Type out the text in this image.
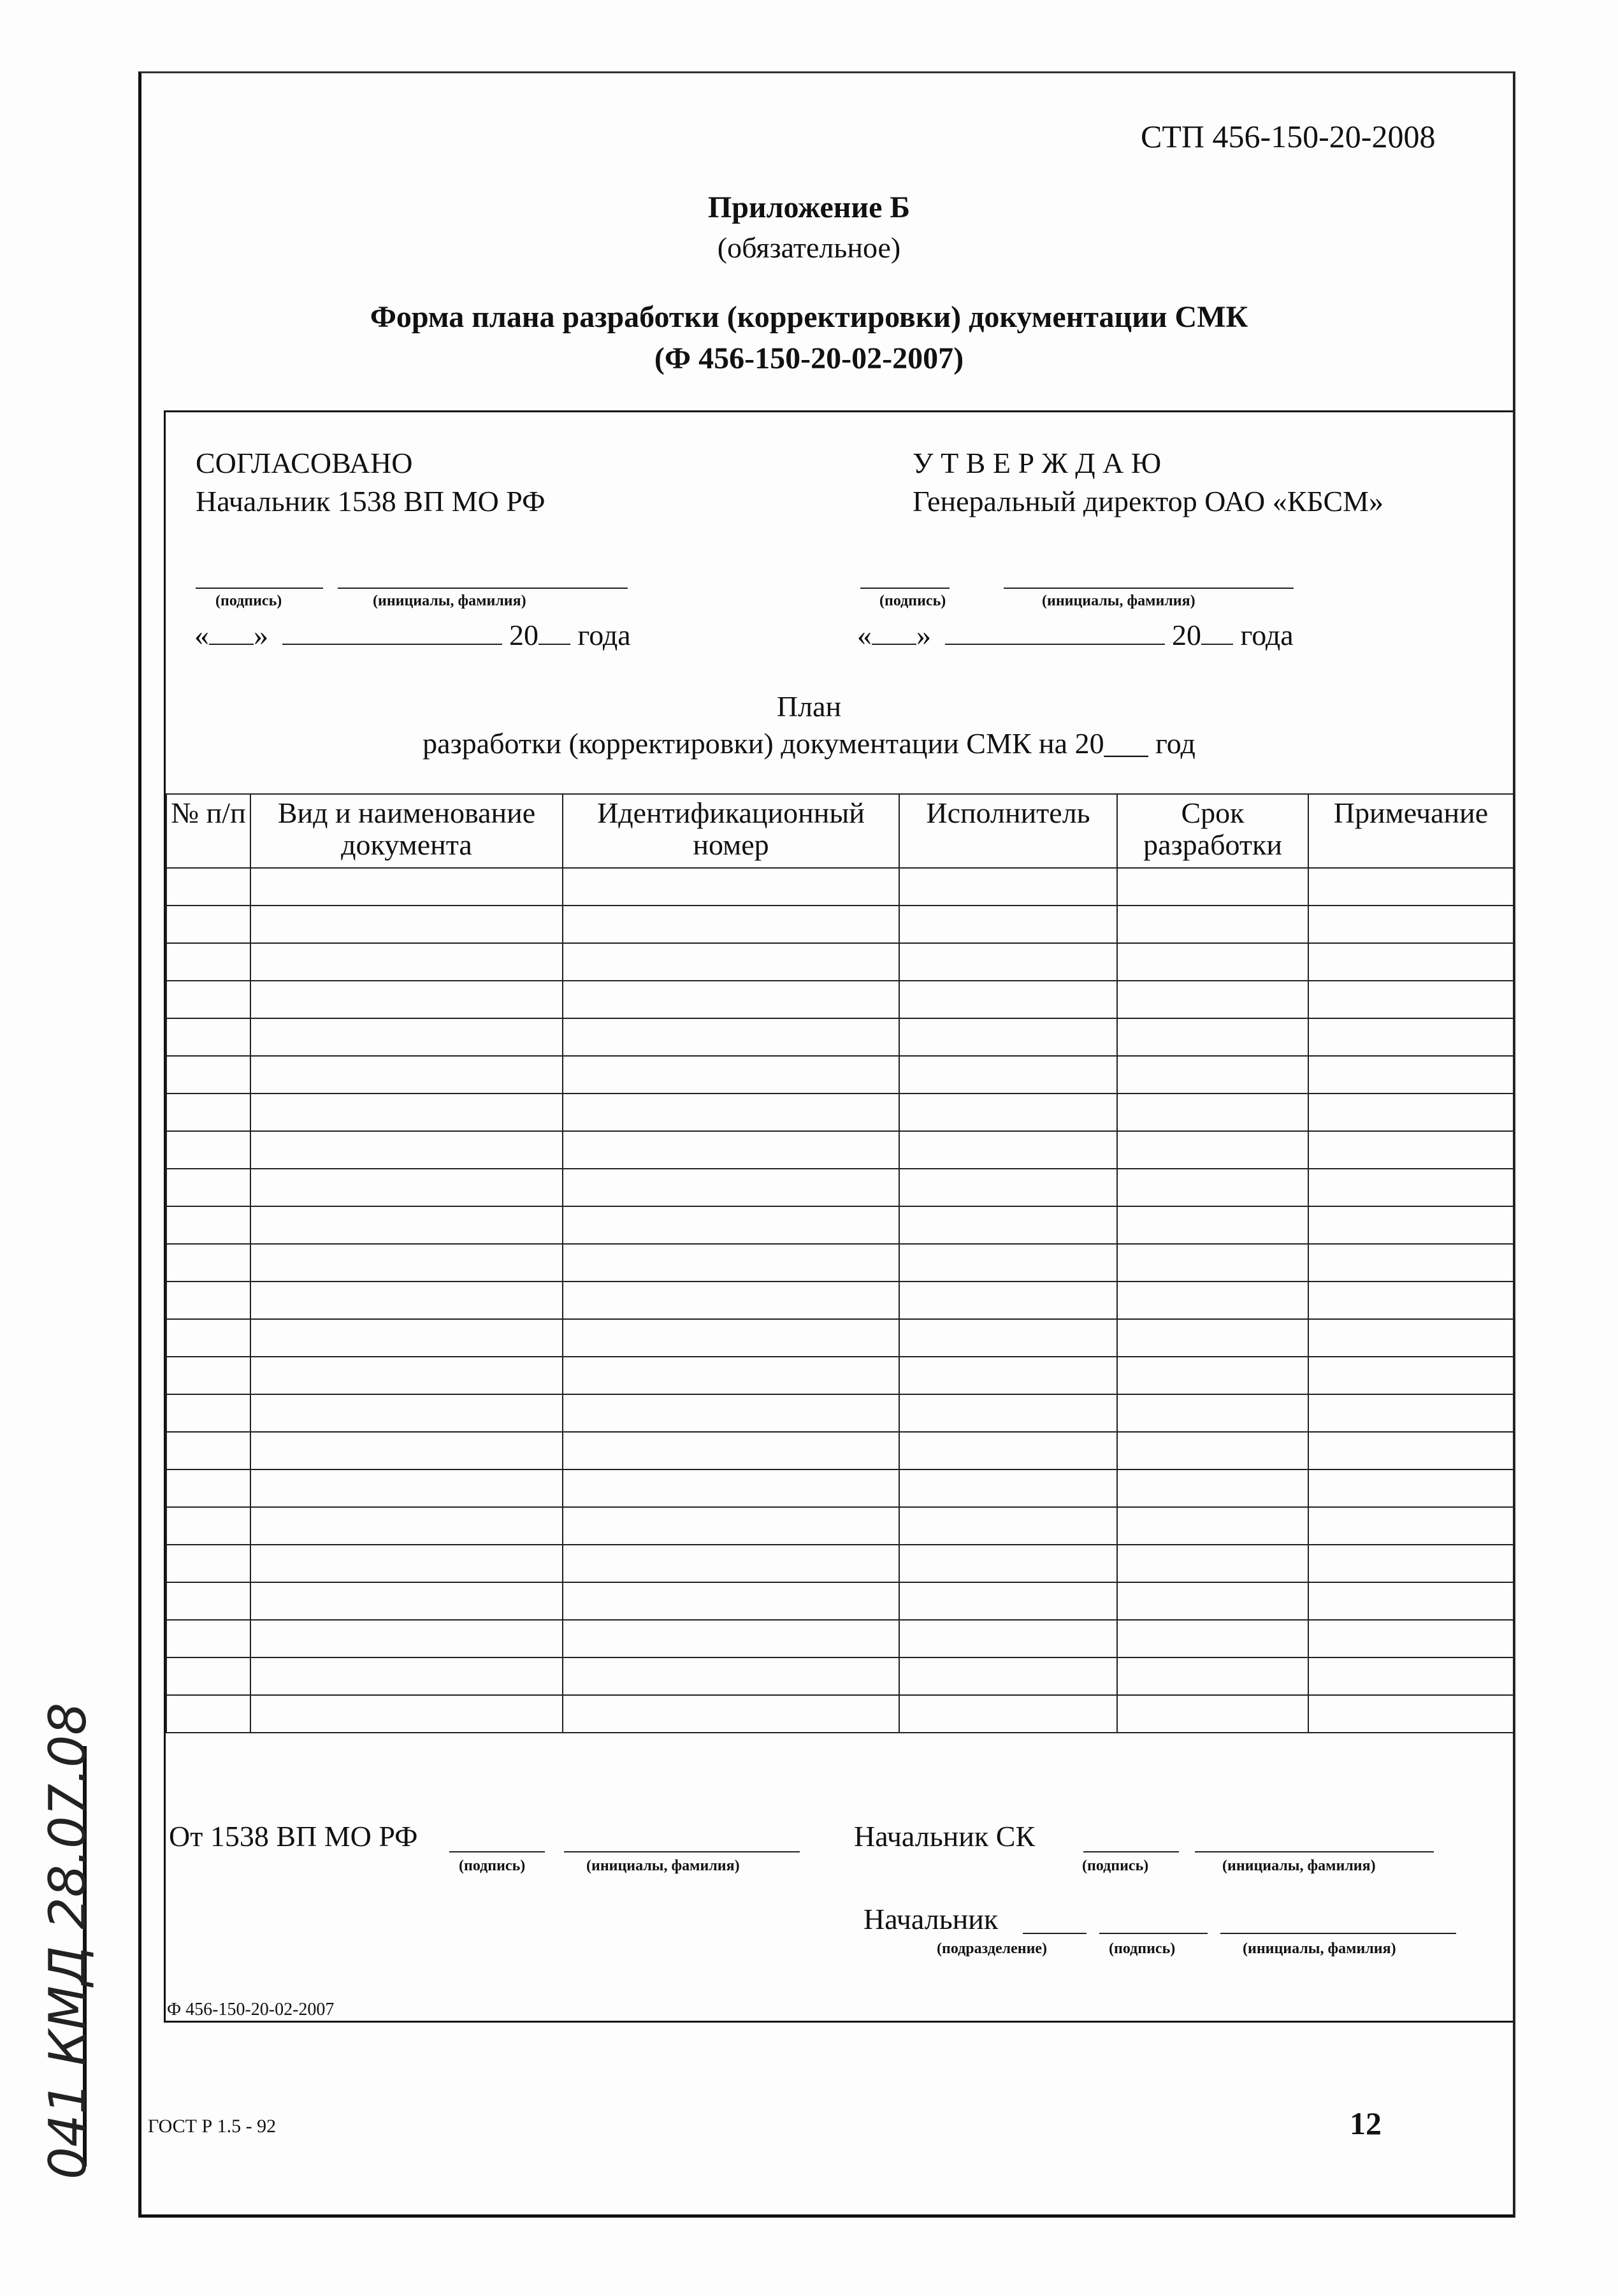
СТП 456-150-20-2008
Приложение Б
(обязательное)
Форма плана разработки (корректировки) документации СМК
(Ф 456-150-20-02-2007)
СОГЛАСОВАНО
Начальник 1538 ВП МО РФ
(подпись)	(инициалы, фамилия)
« »	20 года
У Т В Е Р Ж Д А Ю
Генеральный директор ОАО «КБСМ»
(подпись)	(инициалы, фамилия)
« »	20 года
План
разработки (корректировки) документации СМК на 20___ год
№ п/п	Вид и наименование документа	Идентификационный номер	Исполнитель	Срок разработки	Примечание

От 1538 ВП МО РФ
(подпись)	(инициалы, фамилия)
Начальник СК
(подпись)	(инициалы, фамилия)
Начальник
(подразделение)	(подпись)	(инициалы, фамилия)
Ф 456-150-20-02-2007
ГОСТ Р 1.5 - 92	12
041 КМД 28.07.08
